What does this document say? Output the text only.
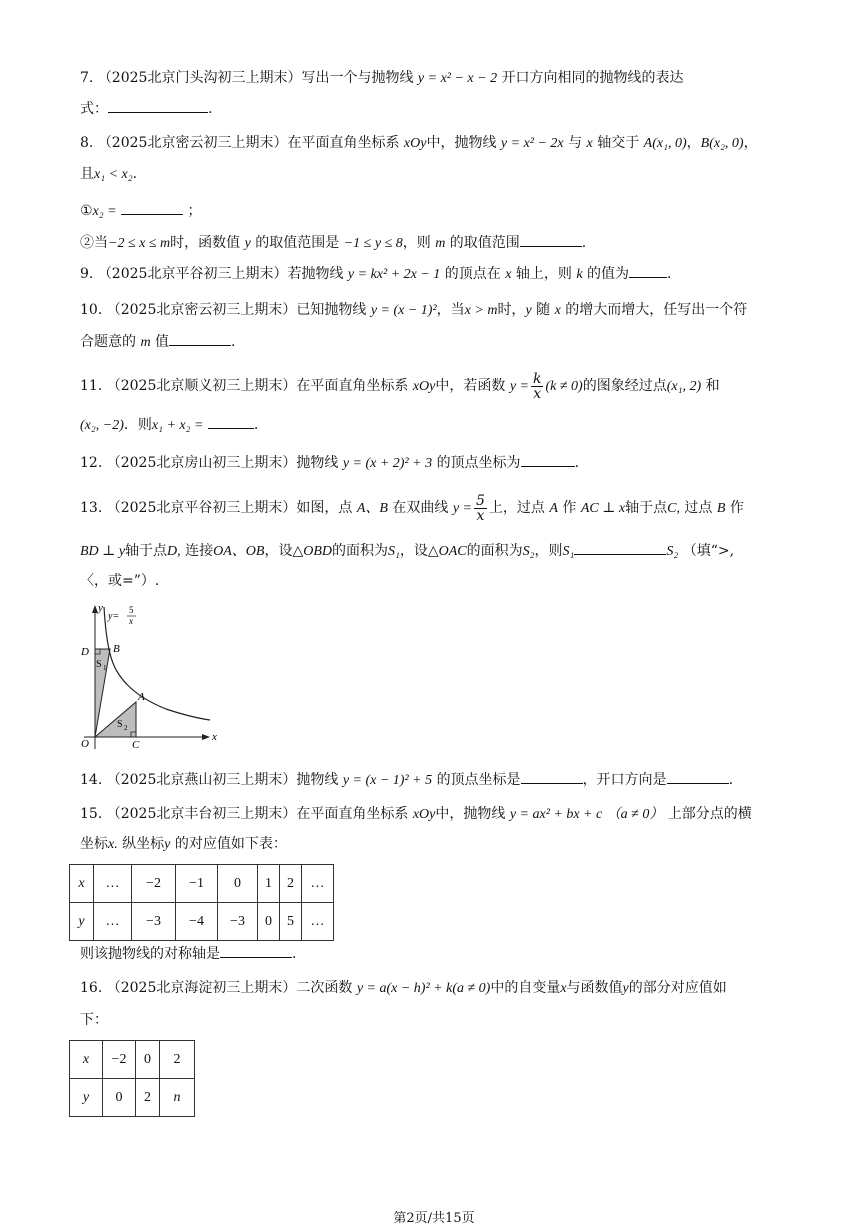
7. （2025北京门头沟初三上期末）写出一个与抛物线 y = x² − x − 2 开口方向相同的抛物线的表达
式：	.
8. （2025北京密云初三上期末）在平面直角坐标系 xOy中，抛物线 y = x² − 2x 与 x 轴交于 A(x₁, 0)，B(x₂, 0)，
且x₁ < x₂.
①x₂ =	；
②当−2 ≤ x ≤ m时，函数值 y 的取值范围是 −1 ≤ y ≤ 8，则 m 的取值范围	.
9. （2025北京平谷初三上期末）若抛物线 y = kx² + 2x − 1 的顶点在 x 轴上，则 k 的值为	.
10. （2025北京密云初三上期末）已知抛物线 y = (x − 1)²，当x > m时，y 随 x 的增大而增大，任写出一个符
合题意的 m 值	.
11. （2025北京顺义初三上期末）在平面直角坐标系 xOy中，若函数 $y = \frac{k}{x} (k \ne 0)$的图象经过点(x₁, 2) 和
(x₂, −2)．则x₁ + x₂ =	.
12. （2025北京房山初三上期末）抛物线 y = (x + 2)² + 3 的顶点坐标为	.
13. （2025北京平谷初三上期末）如图，点 A、B 在双曲线 $y = \frac{5}{x}$ 上，过点 A 作 AC ⊥ x轴于点C, 过点 B 作
BD ⊥ y轴于点D, 连接OA、OB，设△OBD的面积为S₁，设△OAC的面积为S₂，则S₁	S₂ （填“>,
〈，或=”）.
y
y=
5
x
D B
S 1
A
S 2
O	C
x
14. （2025北京燕山初三上期末）抛物线 y = (x − 1)² + 5 的顶点坐标是	，开口方向是	.
15. （2025北京丰台初三上期末）在平面直角坐标系 xOy中，抛物线 y = ax² + bx + c （a ≠ 0） 上部分点的横
坐标x. 纵坐标y 的对应值如下表：
x	…	−2	−1	0	1	2	…
y	…	−3	−4	−3	0	5	…
则该抛物线的对称轴是	.
16. （2025北京海淀初三上期末）二次函数 y = a(x − h)² + k(a ≠ 0)中的自变量x与函数值y的部分对应值如
下：
x	−2	0	2
y	0	2	n
第2页/共15页
